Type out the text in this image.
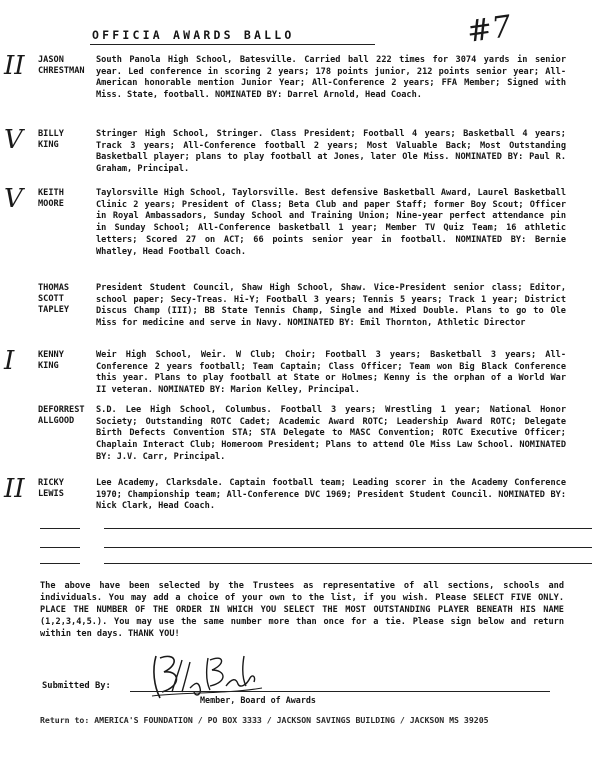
OFFICIA AWARDS BALLO	#7
II JASON
CHRESTMAN
South Panola High School, Batesville. Carried ball 222 times for 3074 yards in senior year. Led conference in scoring 2 years; 178 points junior, 212 points senior year; All-American honorable mention Junior Year; All-Conference 2 years; FFA Member; Signed with Miss. State, football. NOMINATED BY: Darrel Arnold, Head Coach.
V BILLY
KING
Stringer High School, Stringer. Class President; Football 4 years; Basketball 4 years; Track 3 years; All-Conference football 2 years; Most Valuable Back; Most Outstanding Basketball player; plans to play football at Jones, later Ole Miss. NOMINATED BY: Paul R. Graham, Principal.
V KEITH
MOORE
Taylorsville High School, Taylorsville. Best defensive Basketball Award, Laurel Basketball Clinic 2 years; President of Class; Beta Club and paper Staff; former Boy Scout; Officer in Royal Ambassadors, Sunday School and Training Union; Nine-year perfect attendance pin in Sunday School; All-Conference basketball 1 year; Member TV Quiz Team; 16 athletic letters; Scored 27 on ACT; 66 points senior year in football. NOMINATED BY: Bernie Whatley, Head Football Coach.
THOMAS
SCOTT
TAPLEY
President Student Council, Shaw High School, Shaw. Vice-President senior class; Editor, school paper; Secy-Treas. Hi-Y; Football 3 years; Tennis 5 years; Track 1 year; District Discus Champ (III); BB State Tennis Champ, Single and Mixed Double. Plans to go to Ole Miss for medicine and serve in Navy. NOMINATED BY: Emil Thornton, Athletic Director
I	KENNY
KING
Weir High School, Weir. W Club; Choir; Football 3 years; Basketball 3 years; All-Conference 2 years football; Team Captain; Class Officer; Team won Big Black Conference this year. Plans to play football at State or Holmes; Kenny is the orphan of a World War II veteran. NOMINATED BY: Marion Kelley, Principal.
DEFORREST
ALLGOOD
S.D. Lee High School, Columbus. Football 3 years; Wrestling 1 year; National Honor Society; Outstanding ROTC Cadet; Academic Award ROTC; Leadership Award ROTC; Delegate Birth Defects Convention STA; STA Delegate to MASC Convention; ROTC Executive Officer; Chaplain Interact Club; Homeroom President; Plans to attend Ole Miss Law School. NOMINATED BY: J.V. Carr, Principal.
II RICKY
LEWIS
Lee Academy, Clarksdale. Captain football team; Leading scorer in the Academy Conference 1970; Championship team; All-Conference DVC 1969; President Student Council. NOMINATED BY: Nick Clark, Head Coach.
The above have been selected by the Trustees as representative of all sections, schools and individuals. You may add a choice of your own to the list, if you wish. Please SELECT FIVE ONLY. PLACE THE NUMBER OF THE ORDER IN WHICH YOU SELECT THE MOST OUTSTANDING PLAYER BENEATH HIS NAME (1,2,3,4,5.). You may use the same number more than once for a tie. Please sign below and return within ten days. THANK YOU!
Submitted By:
Member, Board of Awards
Return to: AMERICA'S FOUNDATION / PO BOX 3333 / JACKSON SAVINGS BUILDING / JACKSON MS 39205
